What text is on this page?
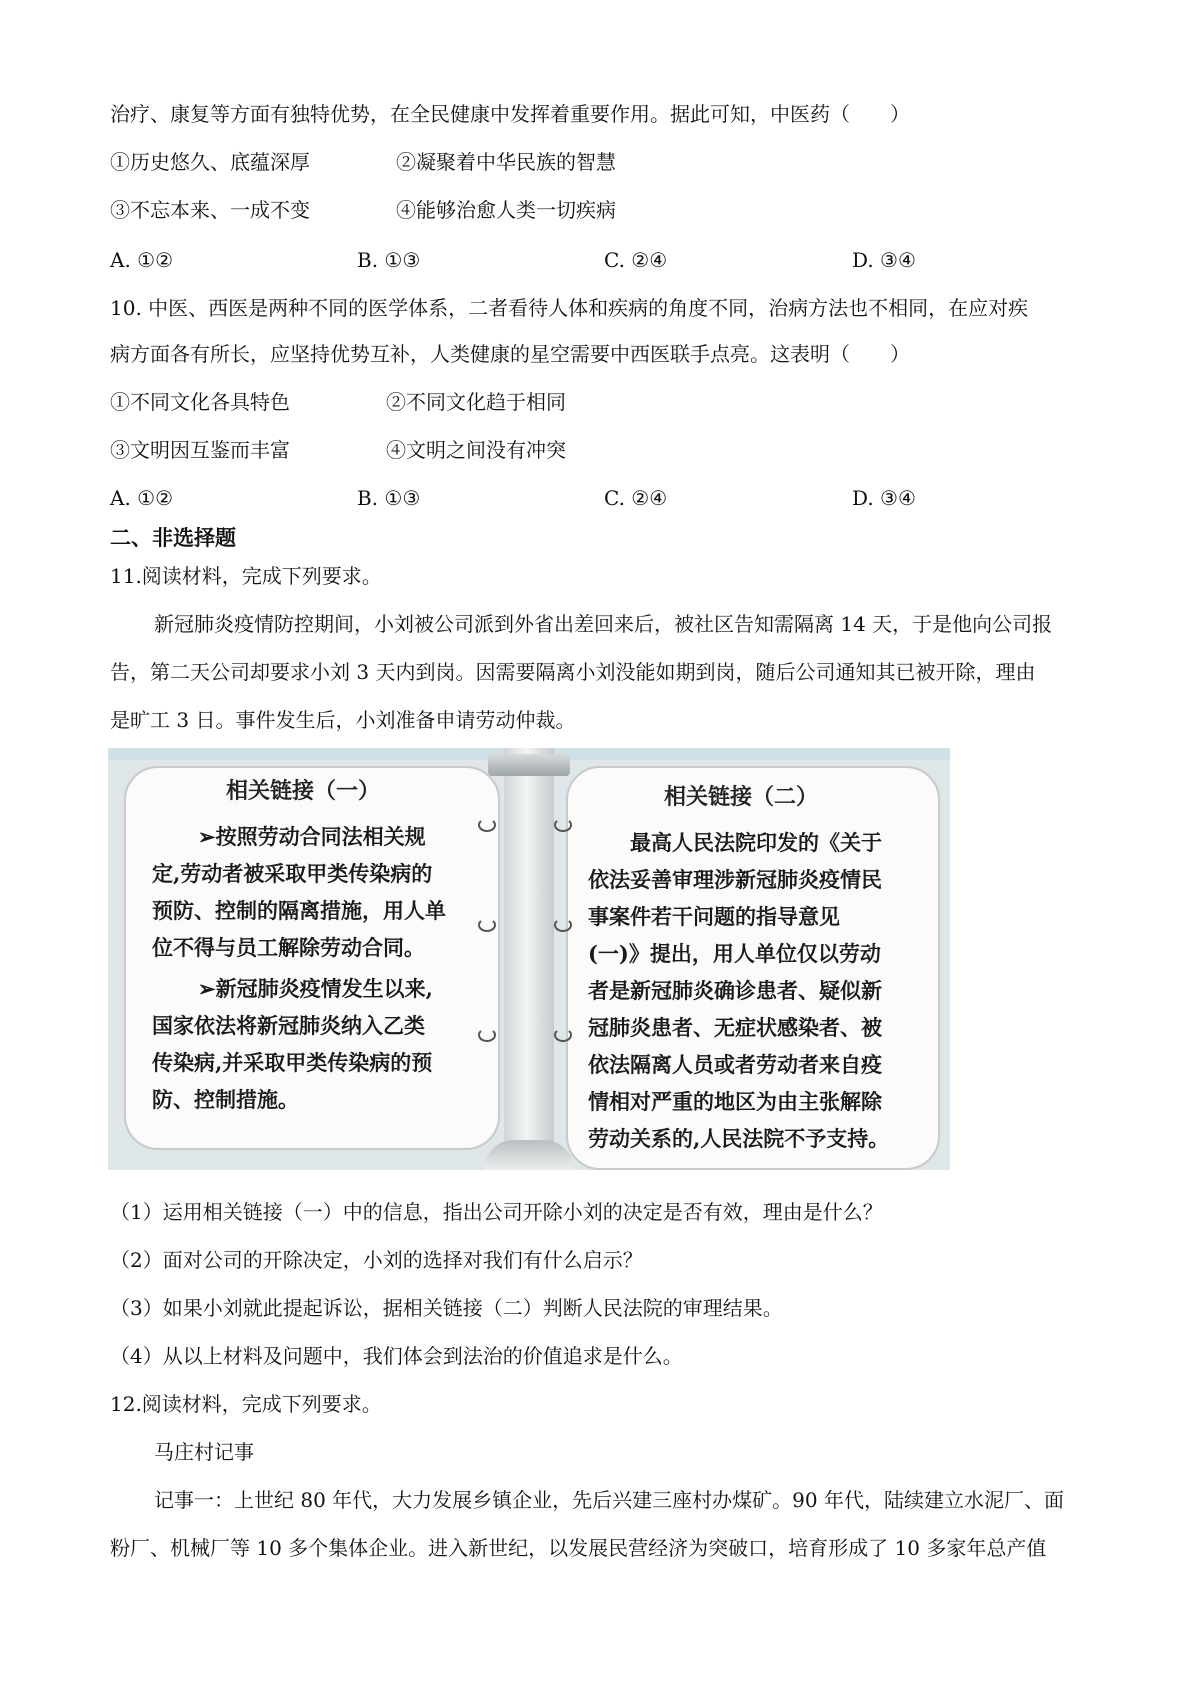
治疗、康复等方面有独特优势，在全民健康中发挥着重要作用。据此可知，中医药（　　）
①历史悠久、底蕴深厚	②凝聚着中华民族的智慧
③不忘本来、一成不变	④能够治愈人类一切疾病
A. ①②	B. ①③	C. ②④	D. ③④
10. 中医、西医是两种不同的医学体系，二者看待人体和疾病的角度不同，治病方法也不相同，在应对疾
病方面各有所长，应坚持优势互补，人类健康的星空需要中西医联手点亮。这表明（　　）
①不同文化各具特色	②不同文化趋于相同
③文明因互鉴而丰富	④文明之间没有冲突
A. ①②	B. ①③	C. ②④	D. ③④
二、非选择题
11.阅读材料，完成下列要求。
新冠肺炎疫情防控期间，小刘被公司派到外省出差回来后，被社区告知需隔离 14 天，于是他向公司报
告，第二天公司却要求小刘 3 天内到岗。因需要隔离小刘没能如期到岗，随后公司通知其已被开除，理由
是旷工 3 日。事件发生后，小刘准备申请劳动仲裁。
相关链接（一）
➢按照劳动合同法相关规
定,劳动者被采取甲类传染病的
预防、控制的隔离措施，用人单
位不得与员工解除劳动合同。
➢新冠肺炎疫情发生以来,
国家依法将新冠肺炎纳入乙类
传染病,并采取甲类传染病的预
防、控制措施。
相关链接（二）
最高人民法院印发的《关于
依法妥善审理涉新冠肺炎疫情民
事案件若干问题的指导意见
(一)》提出，用人单位仅以劳动
者是新冠肺炎确诊患者、疑似新
冠肺炎患者、无症状感染者、被
依法隔离人员或者劳动者来自疫
情相对严重的地区为由主张解除
劳动关系的,人民法院不予支持。
（1）运用相关链接（一）中的信息，指出公司开除小刘的决定是否有效，理由是什么？
（2）面对公司的开除决定，小刘的选择对我们有什么启示？
（3）如果小刘就此提起诉讼，据相关链接（二）判断人民法院的审理结果。
（4）从以上材料及问题中，我们体会到法治的价值追求是什么。
12.阅读材料，完成下列要求。
马庄村记事
记事一：上世纪 80 年代，大力发展乡镇企业，先后兴建三座村办煤矿。90 年代，陆续建立水泥厂、面
粉厂、机械厂等 10 多个集体企业。进入新世纪，以发展民营经济为突破口，培育形成了 10 多家年总产值
